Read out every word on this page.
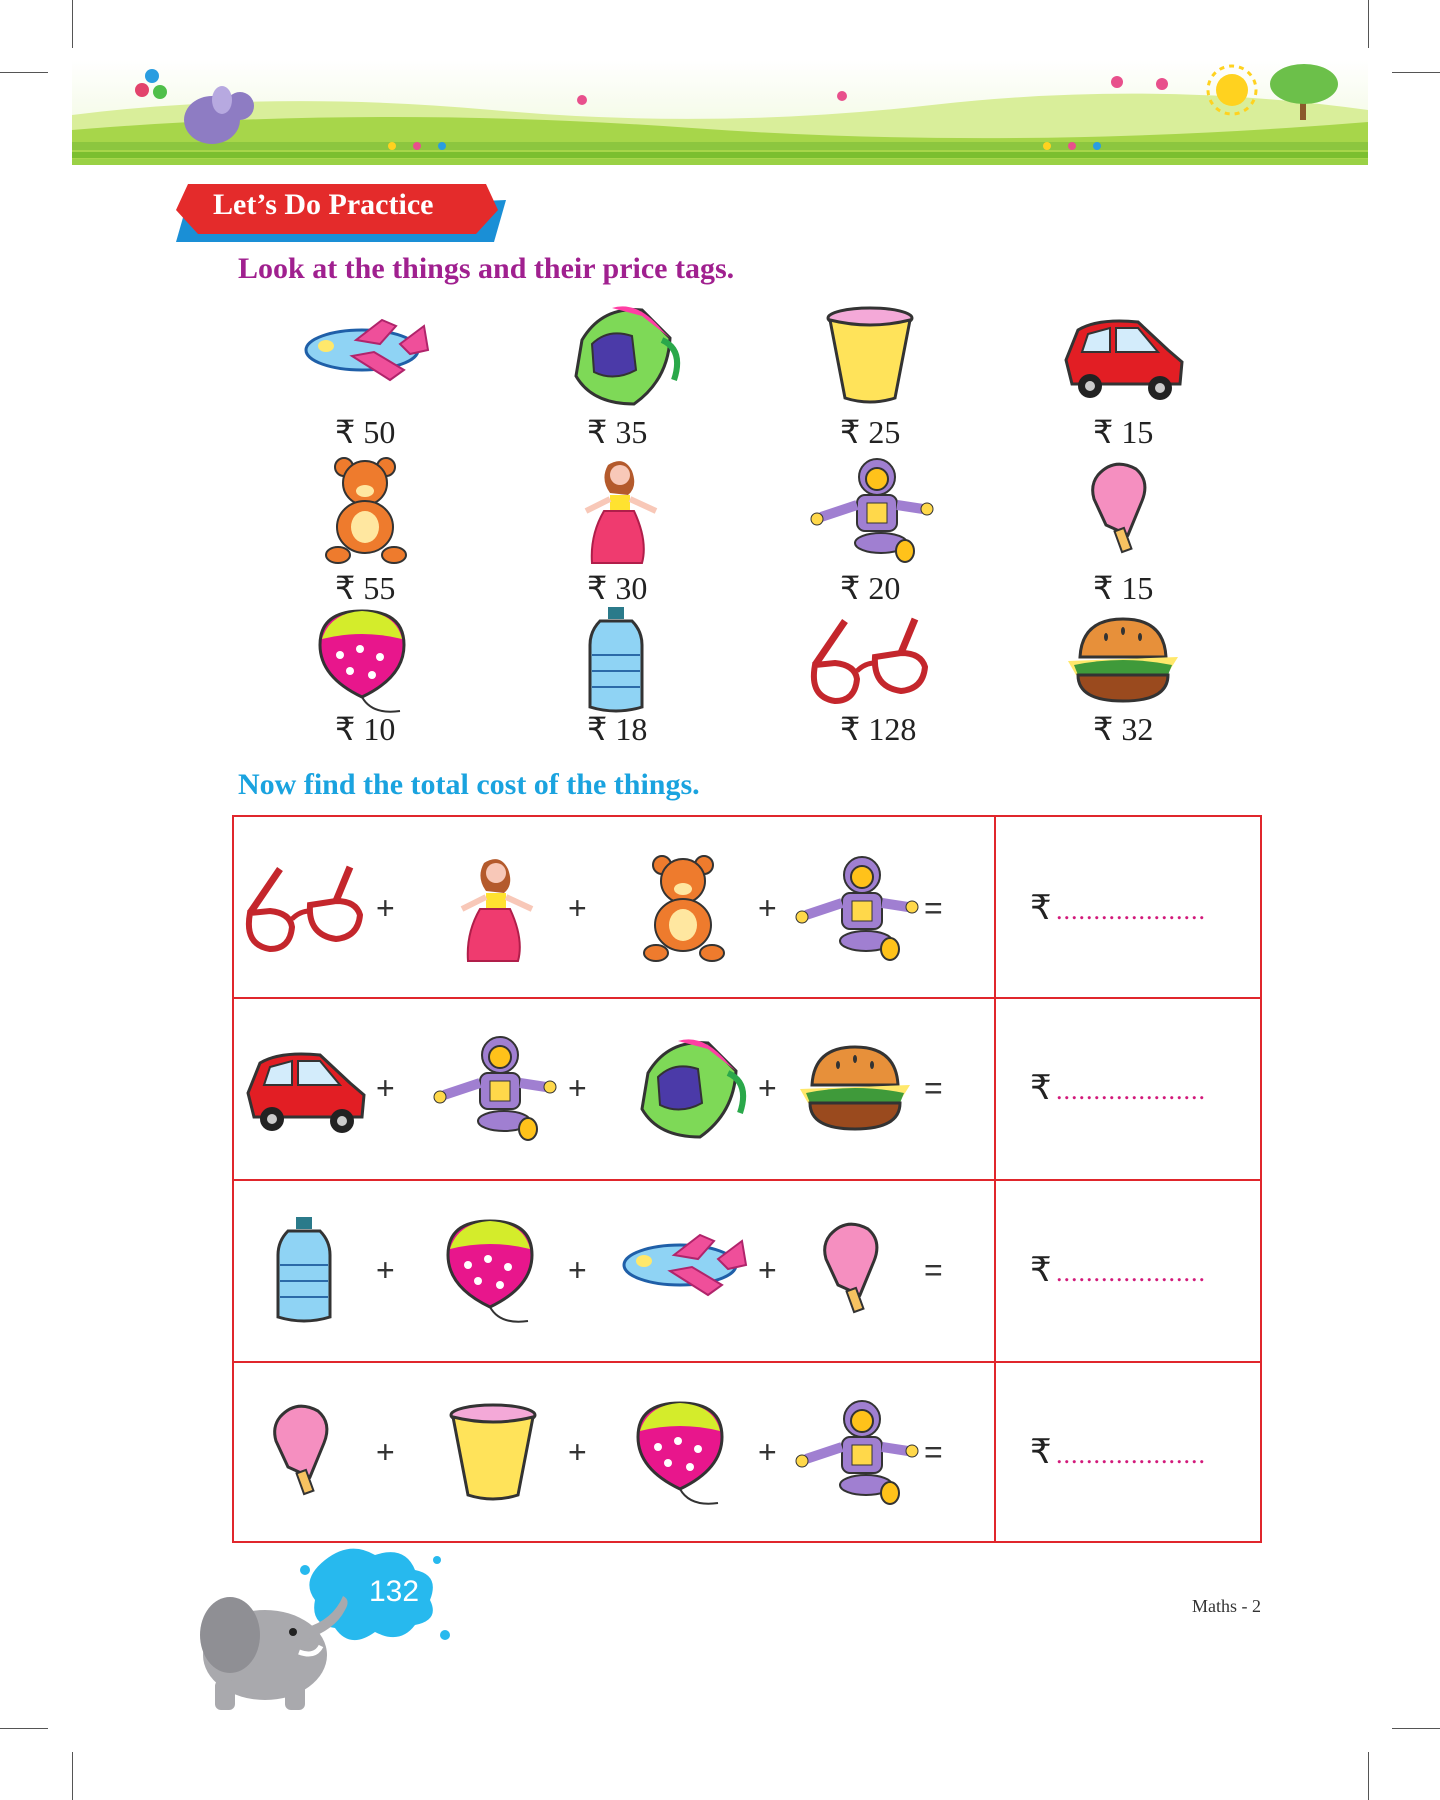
Let’s Do Practice
Look at the things and their price tags.
₹ 50	₹ 35	₹ 25	₹ 15
₹ 55	₹ 30	₹ 20	₹ 15
₹ 10	₹ 18	₹ 128	₹ 32
Now find the total cost of the things.
+	+	+	=	₹ ....................
+	+	+	=	₹ ....................
+	+	+	=	₹ ....................
+	+	+	=	₹ ....................
132	Maths - 2
